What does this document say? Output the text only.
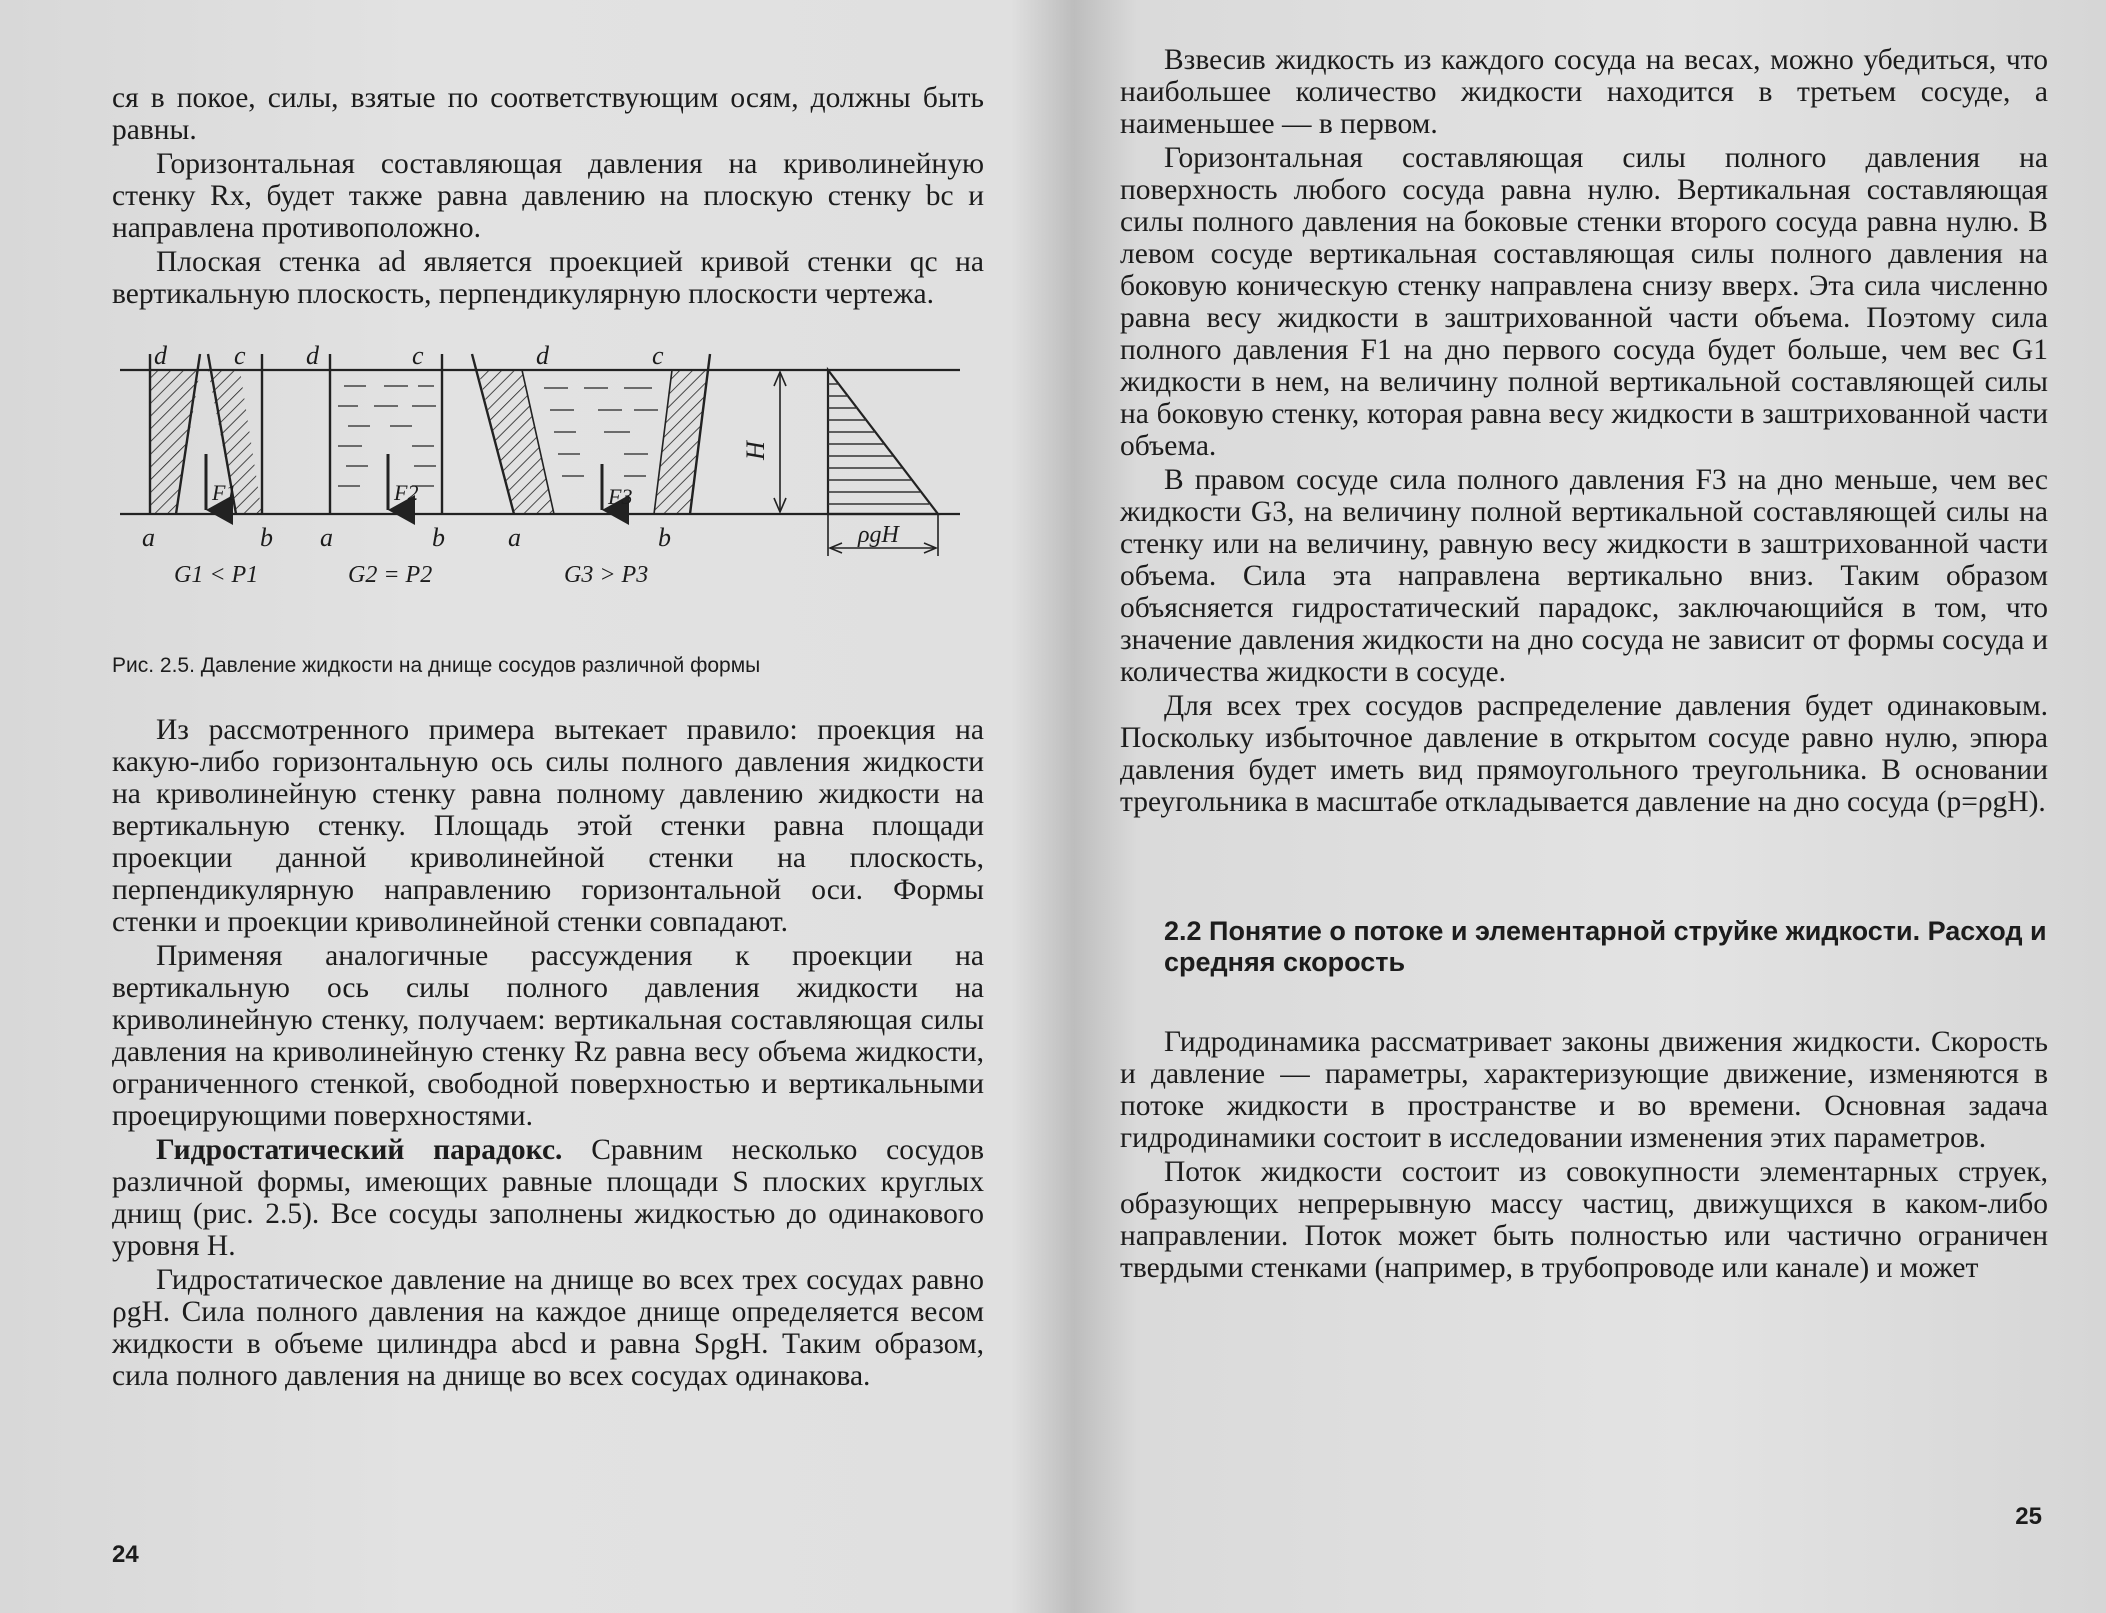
ся в покое, силы, взятые по соответствующим осям, должны быть равны.

Горизонтальная составляющая давления на криволинейную стенку Rx, будет также равна давлению на плоскую стенку bc и направлена противоположно.

Плоская стенка ad является проекцией кривой стенки qc на вертикальную плоскость, перпендикулярную плоскости чертежа.

d	c d	c	d	c
a	b a	b a	b
F1	F2	F3
H
ρgH
G1 < P1	G2 = P2	G3 > P3
Рис. 2.5. Давление жидкости на днище сосудов различной формы

Из рассмотренного примера вытекает правило: проекция на какую-либо горизонтальную ось силы полного давления жидкости на криволинейную стенку равна полному давлению жидкости на вертикальную стенку. Площадь этой стенки равна площади проекции данной криволинейной стенки на плоскость, перпендикулярную направлению горизонтальной оси. Формы стенки и проекции криволинейной стенки совпадают.

Применяя аналогичные рассуждения к проекции на вертикальную ось силы полного давления жидкости на криволинейную стенку, получаем: вертикальная составляющая силы давления на криволинейную стенку Rz равна весу объема жидкости, ограниченного стенкой, свободной поверхностью и вертикальными проецирующими поверхностями.

Гидростатический парадокс. Сравним несколько сосудов различной формы, имеющих равные площади S плоских круглых днищ (рис. 2.5). Все сосуды заполнены жидкостью до одинакового уровня H.

Гидростатическое давление на днище во всех трех сосудах равно ρgH. Сила полного давления на каждое днище определяется весом жидкости в объеме цилиндра abcd и равна SρgH. Таким образом, сила полного давления на днище во всех сосудах одинакова.

24

Взвесив жидкость из каждого сосуда на весах, можно убедиться, что наибольшее количество жидкости находится в третьем сосуде, а наименьшее — в первом.

Горизонтальная составляющая силы полного давления на поверхность любого сосуда равна нулю. Вертикальная составляющая силы полного давления на боковые стенки второго сосуда равна нулю. В левом сосуде вертикальная составляющая силы полного давления на боковую коническую стенку направлена снизу вверх. Эта сила численно равна весу жидкости в заштрихованной части объема. Поэтому сила полного давления F1 на дно первого сосуда будет больше, чем вес G1 жидкости в нем, на величину полной вертикальной составляющей силы на боковую стенку, которая равна весу жидкости в заштрихованной части объема.

В правом сосуде сила полного давления F3 на дно меньше, чем вес жидкости G3, на величину полной вертикальной составляющей силы на стенку или на величину, равную весу жидкости в заштрихованной части объема. Сила эта направлена вертикально вниз. Таким образом объясняется гидростатический парадокс, заключающийся в том, что значение давления жидкости на дно сосуда не зависит от формы сосуда и количества жидкости в сосуде.

Для всех трех сосудов распределение давления будет одинаковым. Поскольку избыточное давление в открытом сосуде равно нулю, эпюра давления будет иметь вид прямоугольного треугольника. В основании треугольника в масштабе откладывается давление на дно сосуда (p=ρgH).

2.2 Понятие о потоке и элементарной струйке жидкости. Расход и средняя скорость

Гидродинамика рассматривает законы движения жидкости. Скорость и давление — параметры, характеризующие движение, изменяются в потоке жидкости в пространстве и во времени. Основная задача гидродинамики состоит в исследовании изменения этих параметров.

Поток жидкости состоит из совокупности элементарных струек, образующих непрерывную массу частиц, движущихся в каком-либо направлении. Поток может быть полностью или частично ограничен твердыми стенками (например, в трубопроводе или канале) и может

25
